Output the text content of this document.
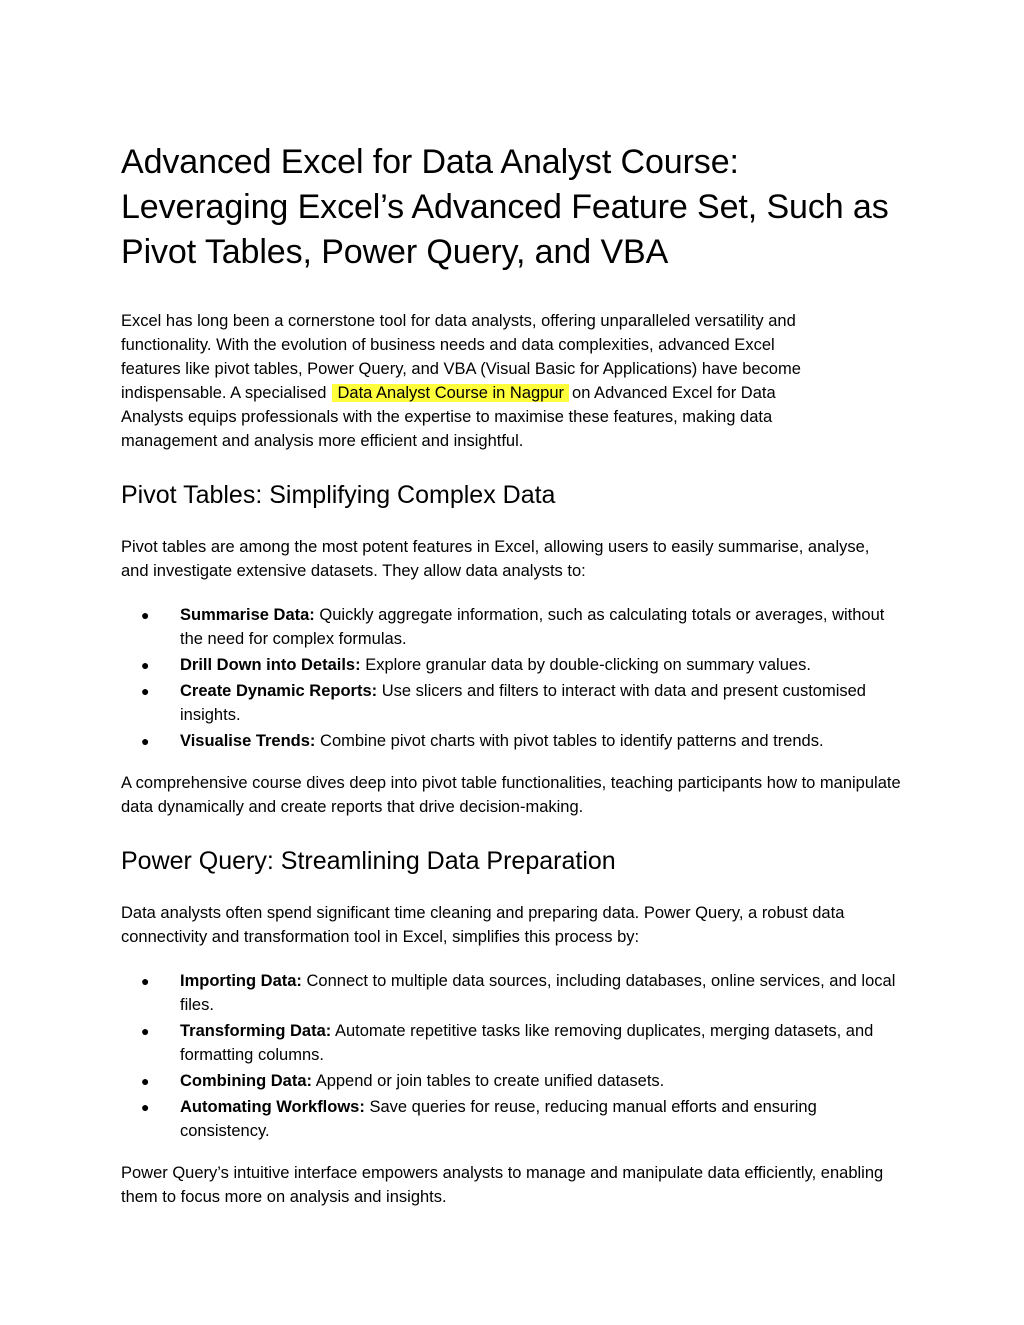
Advanced Excel for Data Analyst Course:
Leveraging Excel’s Advanced Feature Set, Such as
Pivot Tables, Power Query, and VBA

Excel has long been a cornerstone tool for data analysts, offering unparalleled versatility and
functionality. With the evolution of business needs and data complexities, advanced Excel
features like pivot tables, Power Query, and VBA (Visual Basic for Applications) have become
indispensable. A specialised Data Analyst Course in Nagpur on Advanced Excel for Data
Analysts equips professionals with the expertise to maximise these features, making data
management and analysis more efficient and insightful.

Pivot Tables: Simplifying Complex Data

Pivot tables are among the most potent features in Excel, allowing users to easily summarise, analyse, and investigate extensive datasets. They allow data analysts to:

● Summarise Data: Quickly aggregate information, such as calculating totals or averages, without the need for complex formulas.
● Drill Down into Details: Explore granular data by double-clicking on summary values.
● Create Dynamic Reports: Use slicers and filters to interact with data and present customised insights.
● Visualise Trends: Combine pivot charts with pivot tables to identify patterns and trends.

A comprehensive course dives deep into pivot table functionalities, teaching participants how to manipulate data dynamically and create reports that drive decision-making.

Power Query: Streamlining Data Preparation

Data analysts often spend significant time cleaning and preparing data. Power Query, a robust data connectivity and transformation tool in Excel, simplifies this process by:

● Importing Data: Connect to multiple data sources, including databases, online services, and local files.
● Transforming Data: Automate repetitive tasks like removing duplicates, merging datasets, and formatting columns.
● Combining Data: Append or join tables to create unified datasets.
● Automating Workflows: Save queries for reuse, reducing manual efforts and ensuring consistency.

Power Query’s intuitive interface empowers analysts to manage and manipulate data efficiently, enabling them to focus more on analysis and insights.
